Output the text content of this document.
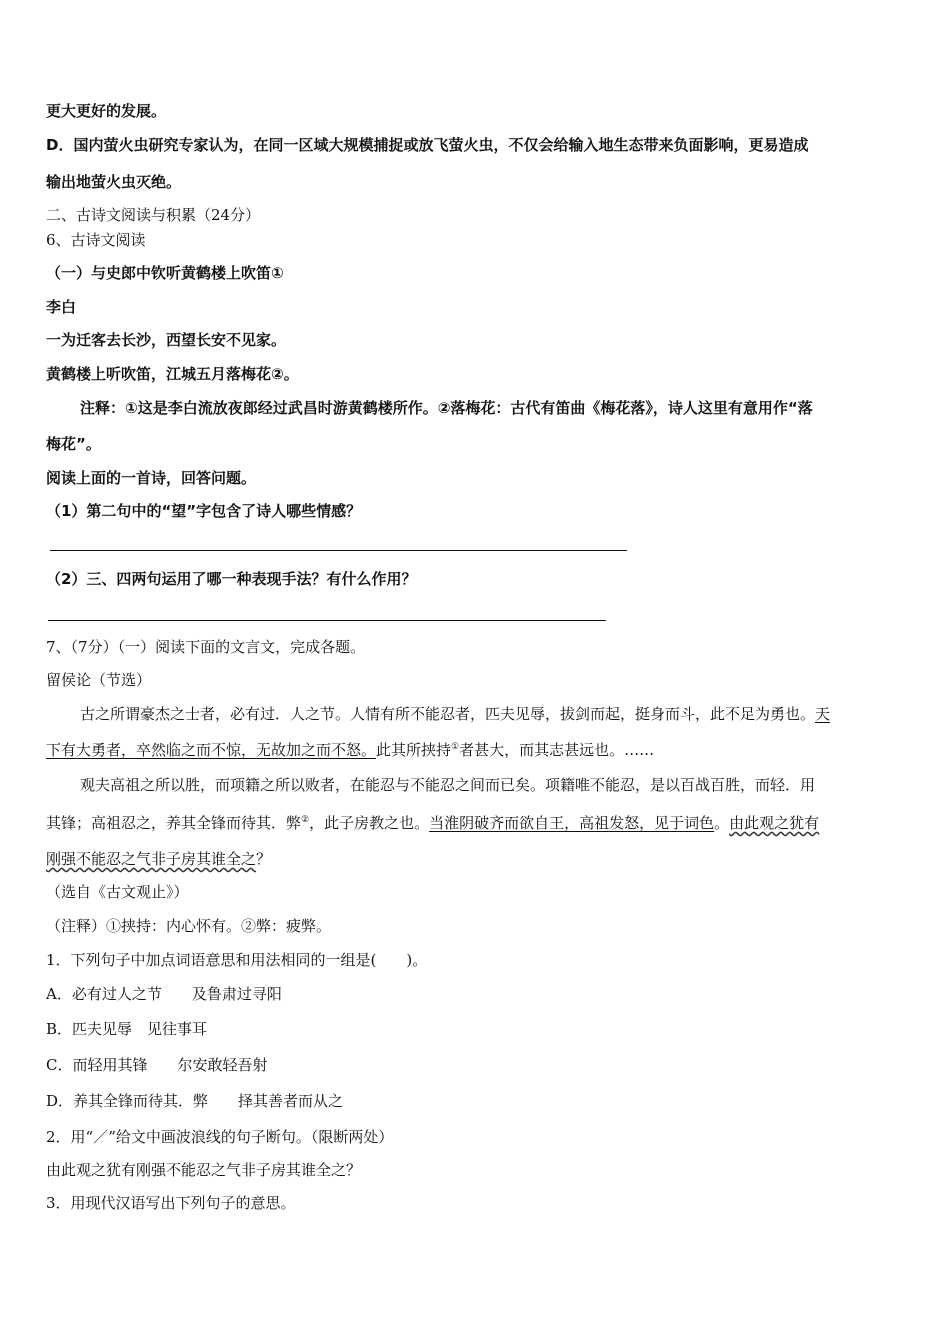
更大更好的发展。
D．国内萤火虫研究专家认为，在同一区域大规模捕捉或放飞萤火虫，不仅会给输入地生态带来负面影响，更易造成
输出地萤火虫灭绝。
二、古诗文阅读与积累（24分）
6、古诗文阅读
（一）与史郎中钦听黄鹤楼上吹笛①
李白
一为迁客去长沙，西望长安不见家。
黄鹤楼上听吹笛，江城五月落梅花②。
注释：①这是李白流放夜郎经过武昌时游黄鹤楼所作。②落梅花：古代有笛曲《梅花落》，诗人这里有意用作“落
梅花”。
阅读上面的一首诗，回答问题。
（1）第二句中的“望”字包含了诗人哪些情感？
（2）三、四两句运用了哪一种表现手法？有什么作用？
7、（7分）（一）阅读下面的文言文，完成各题。
留侯论（节选）
古之所谓豪杰之士者，必有过．人之节。人情有所不能忍者，匹夫见辱，拔剑而起，挺身而斗，此不足为勇也。天
下有大勇者，卒然临之而不惊，无故加之而不怒。此其所挟持①者甚大，而其志甚远也。……
观夫高祖之所以胜，而项籍之所以败者，在能忍与不能忍之间而已矣。项籍唯不能忍，是以百战百胜，而轻．用
其锋；高祖忍之，养其全锋而待其．弊②，此子房教之也。当淮阴破齐而欲自王，高祖发怒，见于词色。由此观之犹有
刚强不能忍之气非子房其谁全之？
（选自《古文观止》）
（注释）①挟持：内心怀有。②弊：疲弊。
1．下列句子中加点词语意思和用法相同的一组是(　　)。
A．必有过人之节　　及鲁肃过寻阳
B．匹夫见辱　见往事耳
C．而轻用其锋　　尔安敢轻吾射
D．养其全锋而待其．弊　　择其善者而从之
2．用“／”给文中画波浪线的句子断句。（限断两处）
由此观之犹有刚强不能忍之气非子房其谁全之？
3．用现代汉语写出下列句子的意思。
